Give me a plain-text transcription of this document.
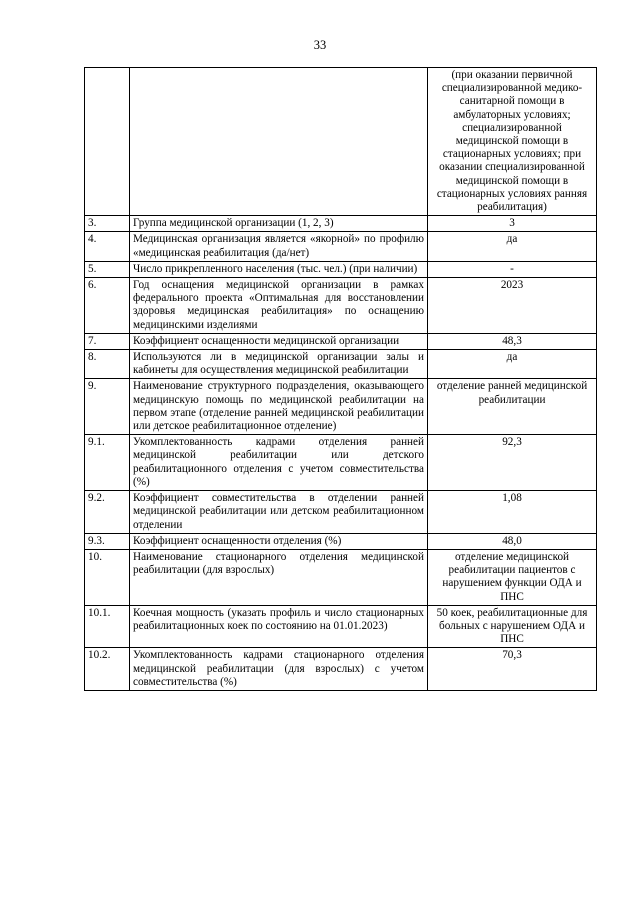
33
		(при оказании первичной специализированной медико-санитарной помощи в амбулаторных условиях; специализированной медицинской помощи в стационарных условиях; при оказании специализированной медицинской помощи в стационарных условиях ранняя реабилитация)
3.	Группа медицинской организации (1, 2, 3)	3
4.	Медицинская организация является «якорной» по профилю «медицинская реабилитация (да/нет)	да
5.	Число прикрепленного населения (тыс. чел.) (при наличии)	-
6.	Год оснащения медицинской организации в рамках федерального проекта «Оптимальная для восстановлении здоровья медицинская реабилитация» по оснащению медицинскими изделиями	2023
7.	Коэффициент оснащенности медицинской организации	48,3
8.	Используются ли в медицинской организации залы и кабинеты для осуществления медицинской реабилитации	да
9.	Наименование структурного подразделения, оказывающего медицинскую помощь по медицинской реабилитации на первом этапе (отделение ранней медицинской реабилитации или детское реабилитационное отделение)	отделение ранней медицинской реабилитации
9.1.	Укомплектованность кадрами отделения ранней медицинской реабилитации или детского реабилитационного отделения с учетом совместительства (%)	92,3
9.2.	Коэффициент совместительства в отделении ранней медицинской реабилитации или детском реабилитационном отделении	1,08
9.3.	Коэффициент оснащенности отделения (%)	48,0
10.	Наименование стационарного отделения медицинской реабилитации (для взрослых)	отделение медицинской реабилитации пациентов с нарушением функции ОДА и ПНС
10.1.	Коечная мощность (указать профиль и число стационарных реабилитационных коек по состоянию на 01.01.2023)	50 коек, реабилитационные для больных с нарушением ОДА и ПНС
10.2.	Укомплектованность кадрами стационарного отделения медицинской реабилитации (для взрослых) с учетом совместительства (%)	70,3
